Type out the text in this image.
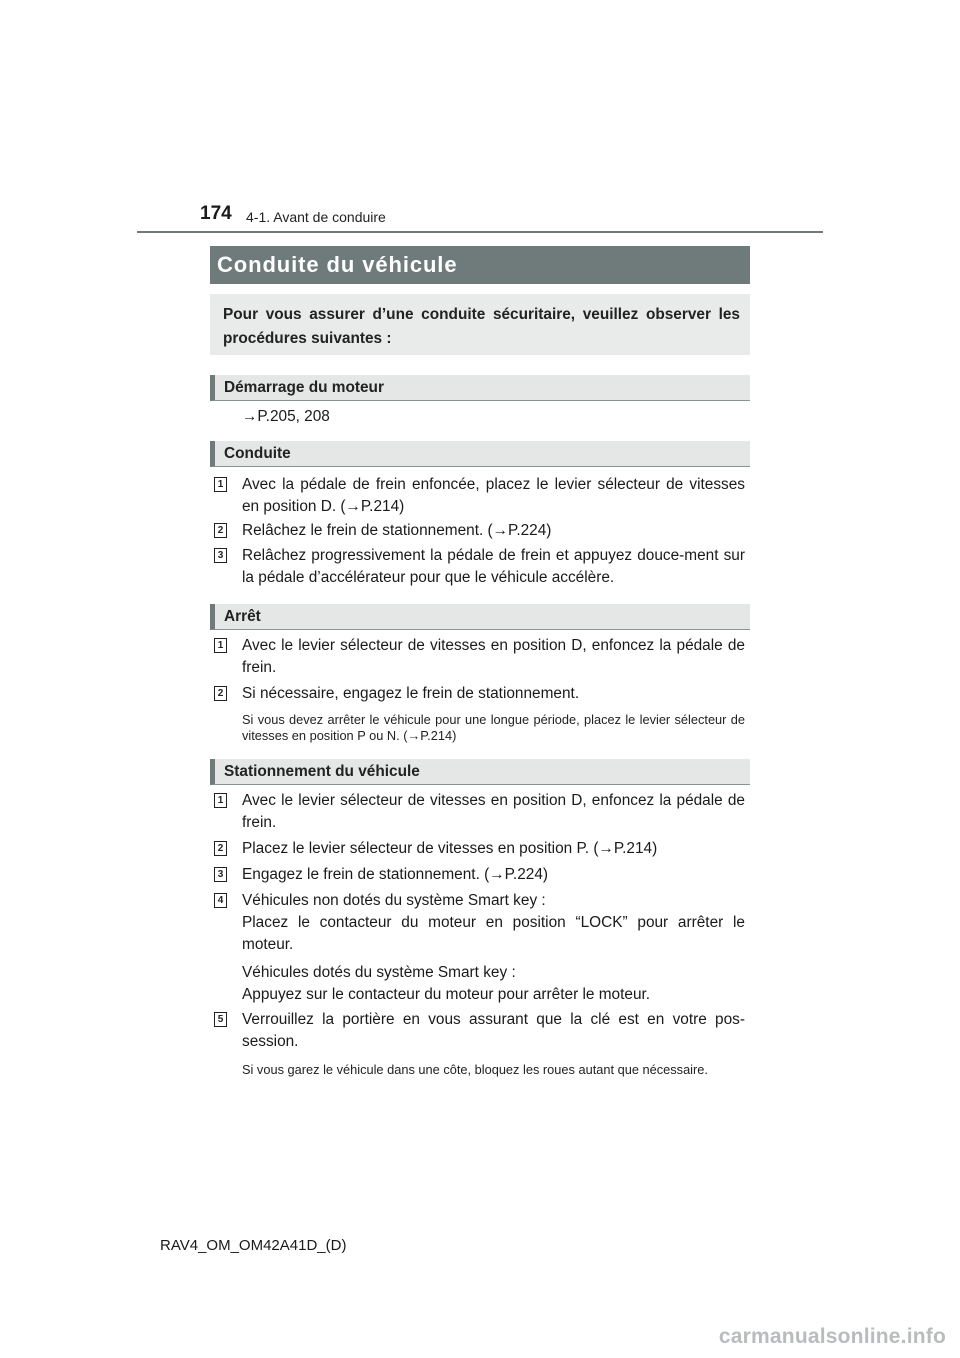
174 4-1. Avant de conduire
Conduite du véhicule
Pour vous assurer d’une conduite sécuritaire, veuillez observer les procédures suivantes :
Démarrage du moteur
→P.205, 208
Conduite
1 Avec la pédale de frein enfoncée, placez le levier sélecteur de vitesses en position D. (→P.214)
2 Relâchez le frein de stationnement. (→P.224)
3 Relâchez progressivement la pédale de frein et appuyez douce-ment sur la pédale d’accélérateur pour que le véhicule accélère.
Arrêt
1 Avec le levier sélecteur de vitesses en position D, enfoncez la pédale de frein.
2 Si nécessaire, engagez le frein de stationnement.
Si vous devez arrêter le véhicule pour une longue période, placez le levier sélecteur de vitesses en position P ou N. (→P.214)
Stationnement du véhicule
1 Avec le levier sélecteur de vitesses en position D, enfoncez la pédale de frein.
2 Placez le levier sélecteur de vitesses en position P. (→P.214)
3 Engagez le frein de stationnement. (→P.224)
4 Véhicules non dotés du système Smart key :

Placez le contacteur du moteur en position “LOCK” pour arrêter le moteur.

Véhicules dotés du système Smart key :

Appuyez sur le contacteur du moteur pour arrêter le moteur.

5 Verrouillez la portière en vous assurant que la clé est en votre pos-session.
Si vous garez le véhicule dans une côte, bloquez les roues autant que nécessaire.
RAV4_OM_OM42A41D_(D)
carmanualsonline.info
